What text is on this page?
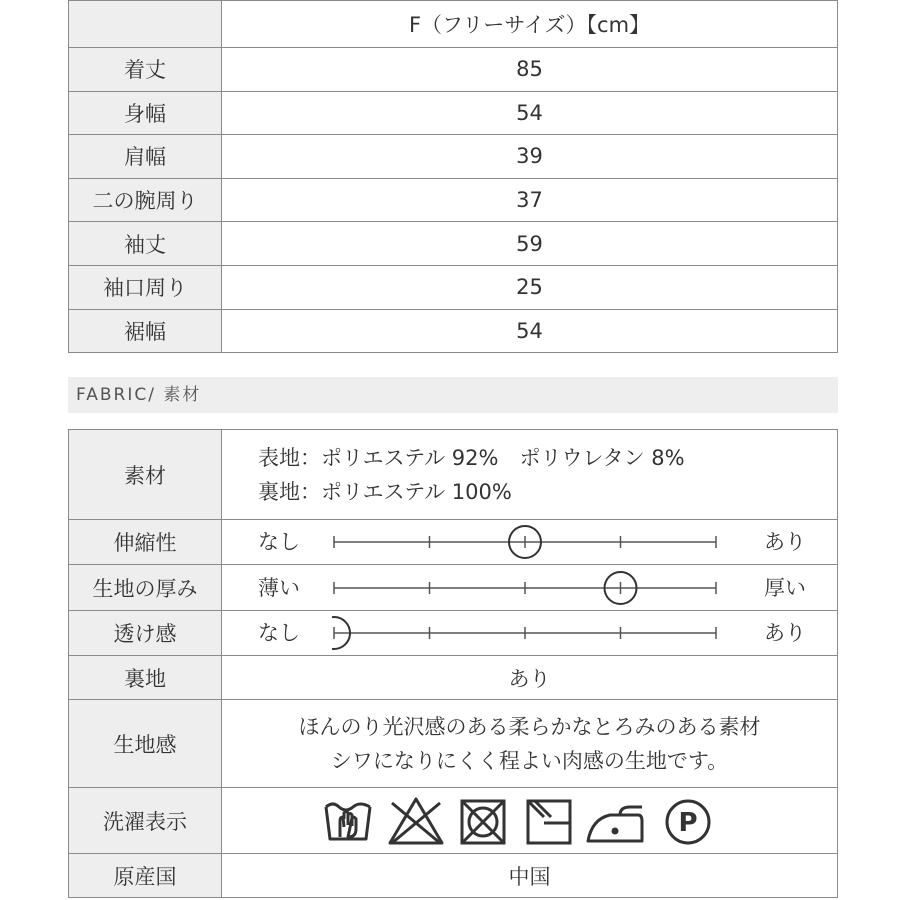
	F（フリーサイズ）【cm】
着丈	85
身幅	54
肩幅	39
二の腕周り	37
袖丈	59
袖口周り	25
裾幅	54
FABRIC/ 素材
素材	表地：ポリエステル 92%　ポリウレタン 8%
裏地：ポリエステル 100%

伸縮性	なし あり

生地の厚み	薄い 厚い

透け感	なし あり

裏地	あり
生地感	ほんのり光沢感のある柔らかなとろみのある素材
シワになりにくく程よい肉感の生地です。

洗濯表示	P

原産国	中国
